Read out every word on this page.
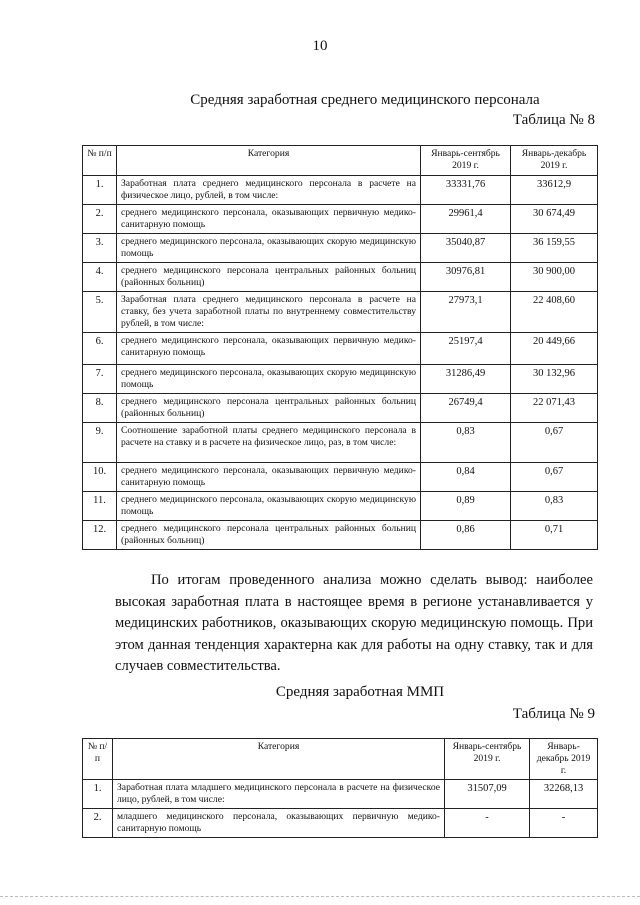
10
Средняя заработная среднего медицинского персонала
Таблица № 8
№ п/п	Категория	Январь-сентябрь 2019 г.	Январь-декабрь 2019 г.
1.	Заработная плата среднего медицинского персонала в расчете на физическое лицо, рублей, в том числе:	33331,76	33612,9
2.	среднего медицинского персонала, оказывающих первичную медико-санитарную помощь	29961,4	30 674,49
3.	среднего медицинского персонала, оказывающих скорую медицинскую помощь	35040,87	36 159,55
4.	среднего медицинского персонала центральных районных больниц (районных больниц)	30976,81	30 900,00
5.	Заработная плата среднего медицинского персонала в расчете на ставку, без учета заработной платы по внутреннему совместительству рублей, в том числе:	27973,1	22 408,60
6.	среднего медицинского персонала, оказывающих первичную медико-санитарную помощь	25197,4	20 449,66
7.	среднего медицинского персонала, оказывающих скорую медицинскую помощь	31286,49	30 132,96
8.	среднего медицинского персонала центральных районных больниц (районных больниц)	26749,4	22 071,43
9.	Соотношение заработной платы среднего медицинского персонала в расчете на ставку и в расчете на физическое лицо, раз, в том числе:	0,83	0,67
10.	среднего медицинского персонала, оказывающих первичную медико-санитарную помощь	0,84	0,67
11.	среднего медицинского персонала, оказывающих скорую медицинскую помощь	0,89	0,83
12.	среднего медицинского персонала центральных районных больниц (районных больниц)	0,86	0,71
По итогам проведенного анализа можно сделать вывод: наиболее высокая заработная плата в настоящее время в регионе устанавливается у медицинских работников, оказывающих скорую медицинскую помощь. При этом данная тенденция характерна как для работы на одну ставку, так и для случаев совместительства.
Средняя заработная ММП
Таблица № 9
№ п/п	Категория	Январь-сентябрь 2019 г.	Январь-декабрь 2019 г.
1.	Заработная плата младшего медицинского персонала в расчете на физическое лицо, рублей, в том числе:	31507,09	32268,13
2.	младшего медицинского персонала, оказывающих первичную медико-санитарную помощь	-	-
